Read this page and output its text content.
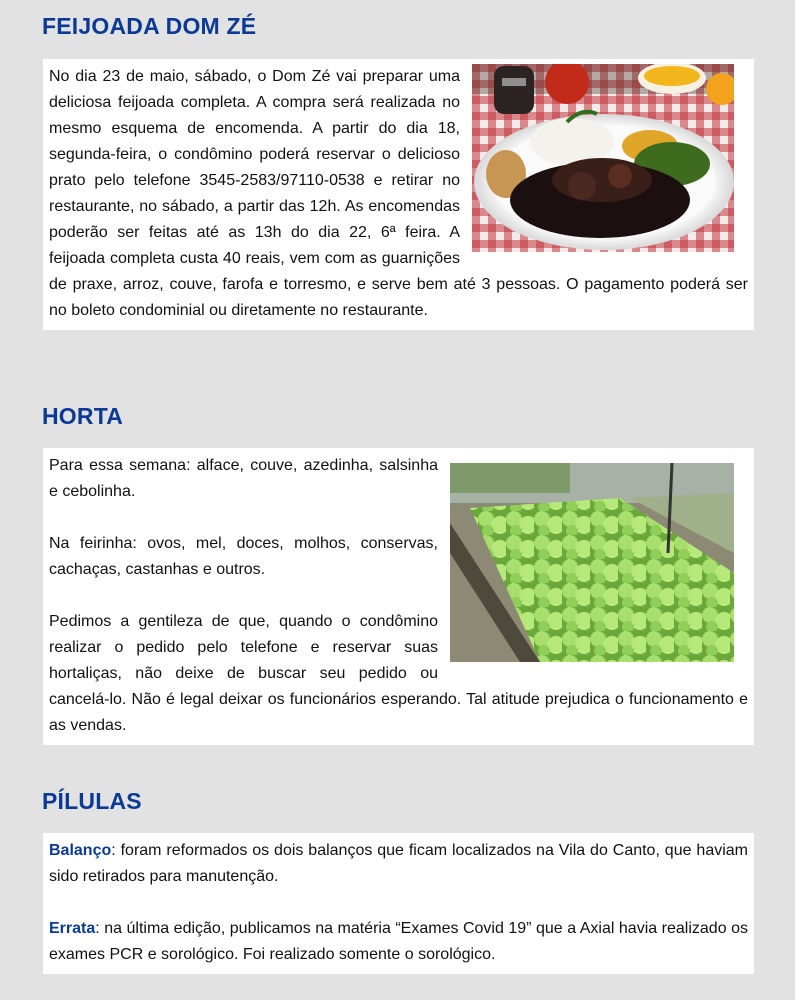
FEIJOADA DOM ZÉ

No dia 23 de maio, sábado, o Dom Zé vai preparar uma deliciosa feijoada completa. A compra será realizada no mesmo esquema de encomenda. A partir do dia 18, segunda-feira, o condômino poderá reservar o delicioso prato pelo telefone 3545-2583/97110-0538 e retirar no restaurante, no sábado, a partir das 12h. As encomendas poderão ser feitas até as 13h do dia 22, 6ª feira. A feijoada completa custa 40 reais, vem com as guarnições de praxe, arroz, couve, farofa e torresmo, e serve bem até 3 pessoas. O pagamento poderá ser no boleto condominial ou diretamente no restaurante.

HORTA

Para essa semana: alface, couve, azedinha, salsinha e cebolinha.

Na feirinha: ovos, mel, doces, molhos, conservas, cachaças, castanhas e outros.

Pedimos a gentileza de que, quando o condômino realizar o pedido pelo telefone e reservar suas hortaliças, não deixe de buscar seu pedido ou cancelá-lo. Não é legal deixar os funcionários esperando. Tal atitude prejudica o funcionamento e as vendas.

PÍLULAS

Balanço: foram reformados os dois balanços que ficam localizados na Vila do Canto, que haviam sido retirados para manutenção.

Errata: na última edição, publicamos na matéria “Exames Covid 19” que a Axial havia realizado os exames PCR e sorológico. Foi realizado somente o sorológico.
